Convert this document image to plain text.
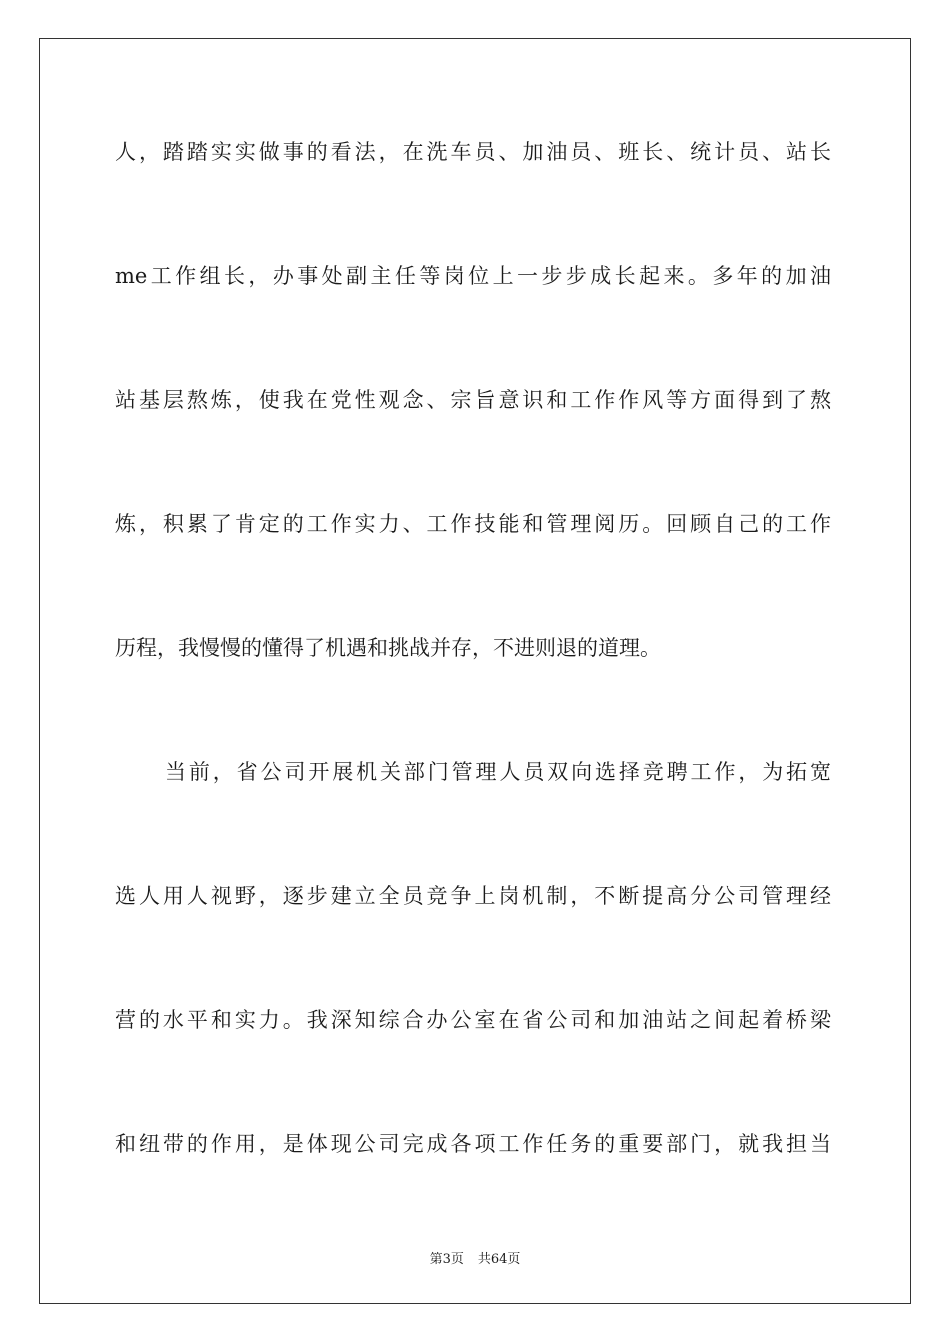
人，踏踏实实做事的看法，在洗车员、加油员、班长、统计员、站长
me工作组长，办事处副主任等岗位上一步步成长起来。多年的加油
站基层熬炼，使我在党性观念、宗旨意识和工作作风等方面得到了熬
炼，积累了肯定的工作实力、工作技能和管理阅历。回顾自己的工作
历程，我慢慢的懂得了机遇和挑战并存，不进则退的道理。
当前，省公司开展机关部门管理人员双向选择竞聘工作，为拓宽
选人用人视野，逐步建立全员竞争上岗机制，不断提高分公司管理经
营的水平和实力。我深知综合办公室在省公司和加油站之间起着桥梁
和纽带的作用，是体现公司完成各项工作任务的重要部门，就我担当
第3页 共64页
